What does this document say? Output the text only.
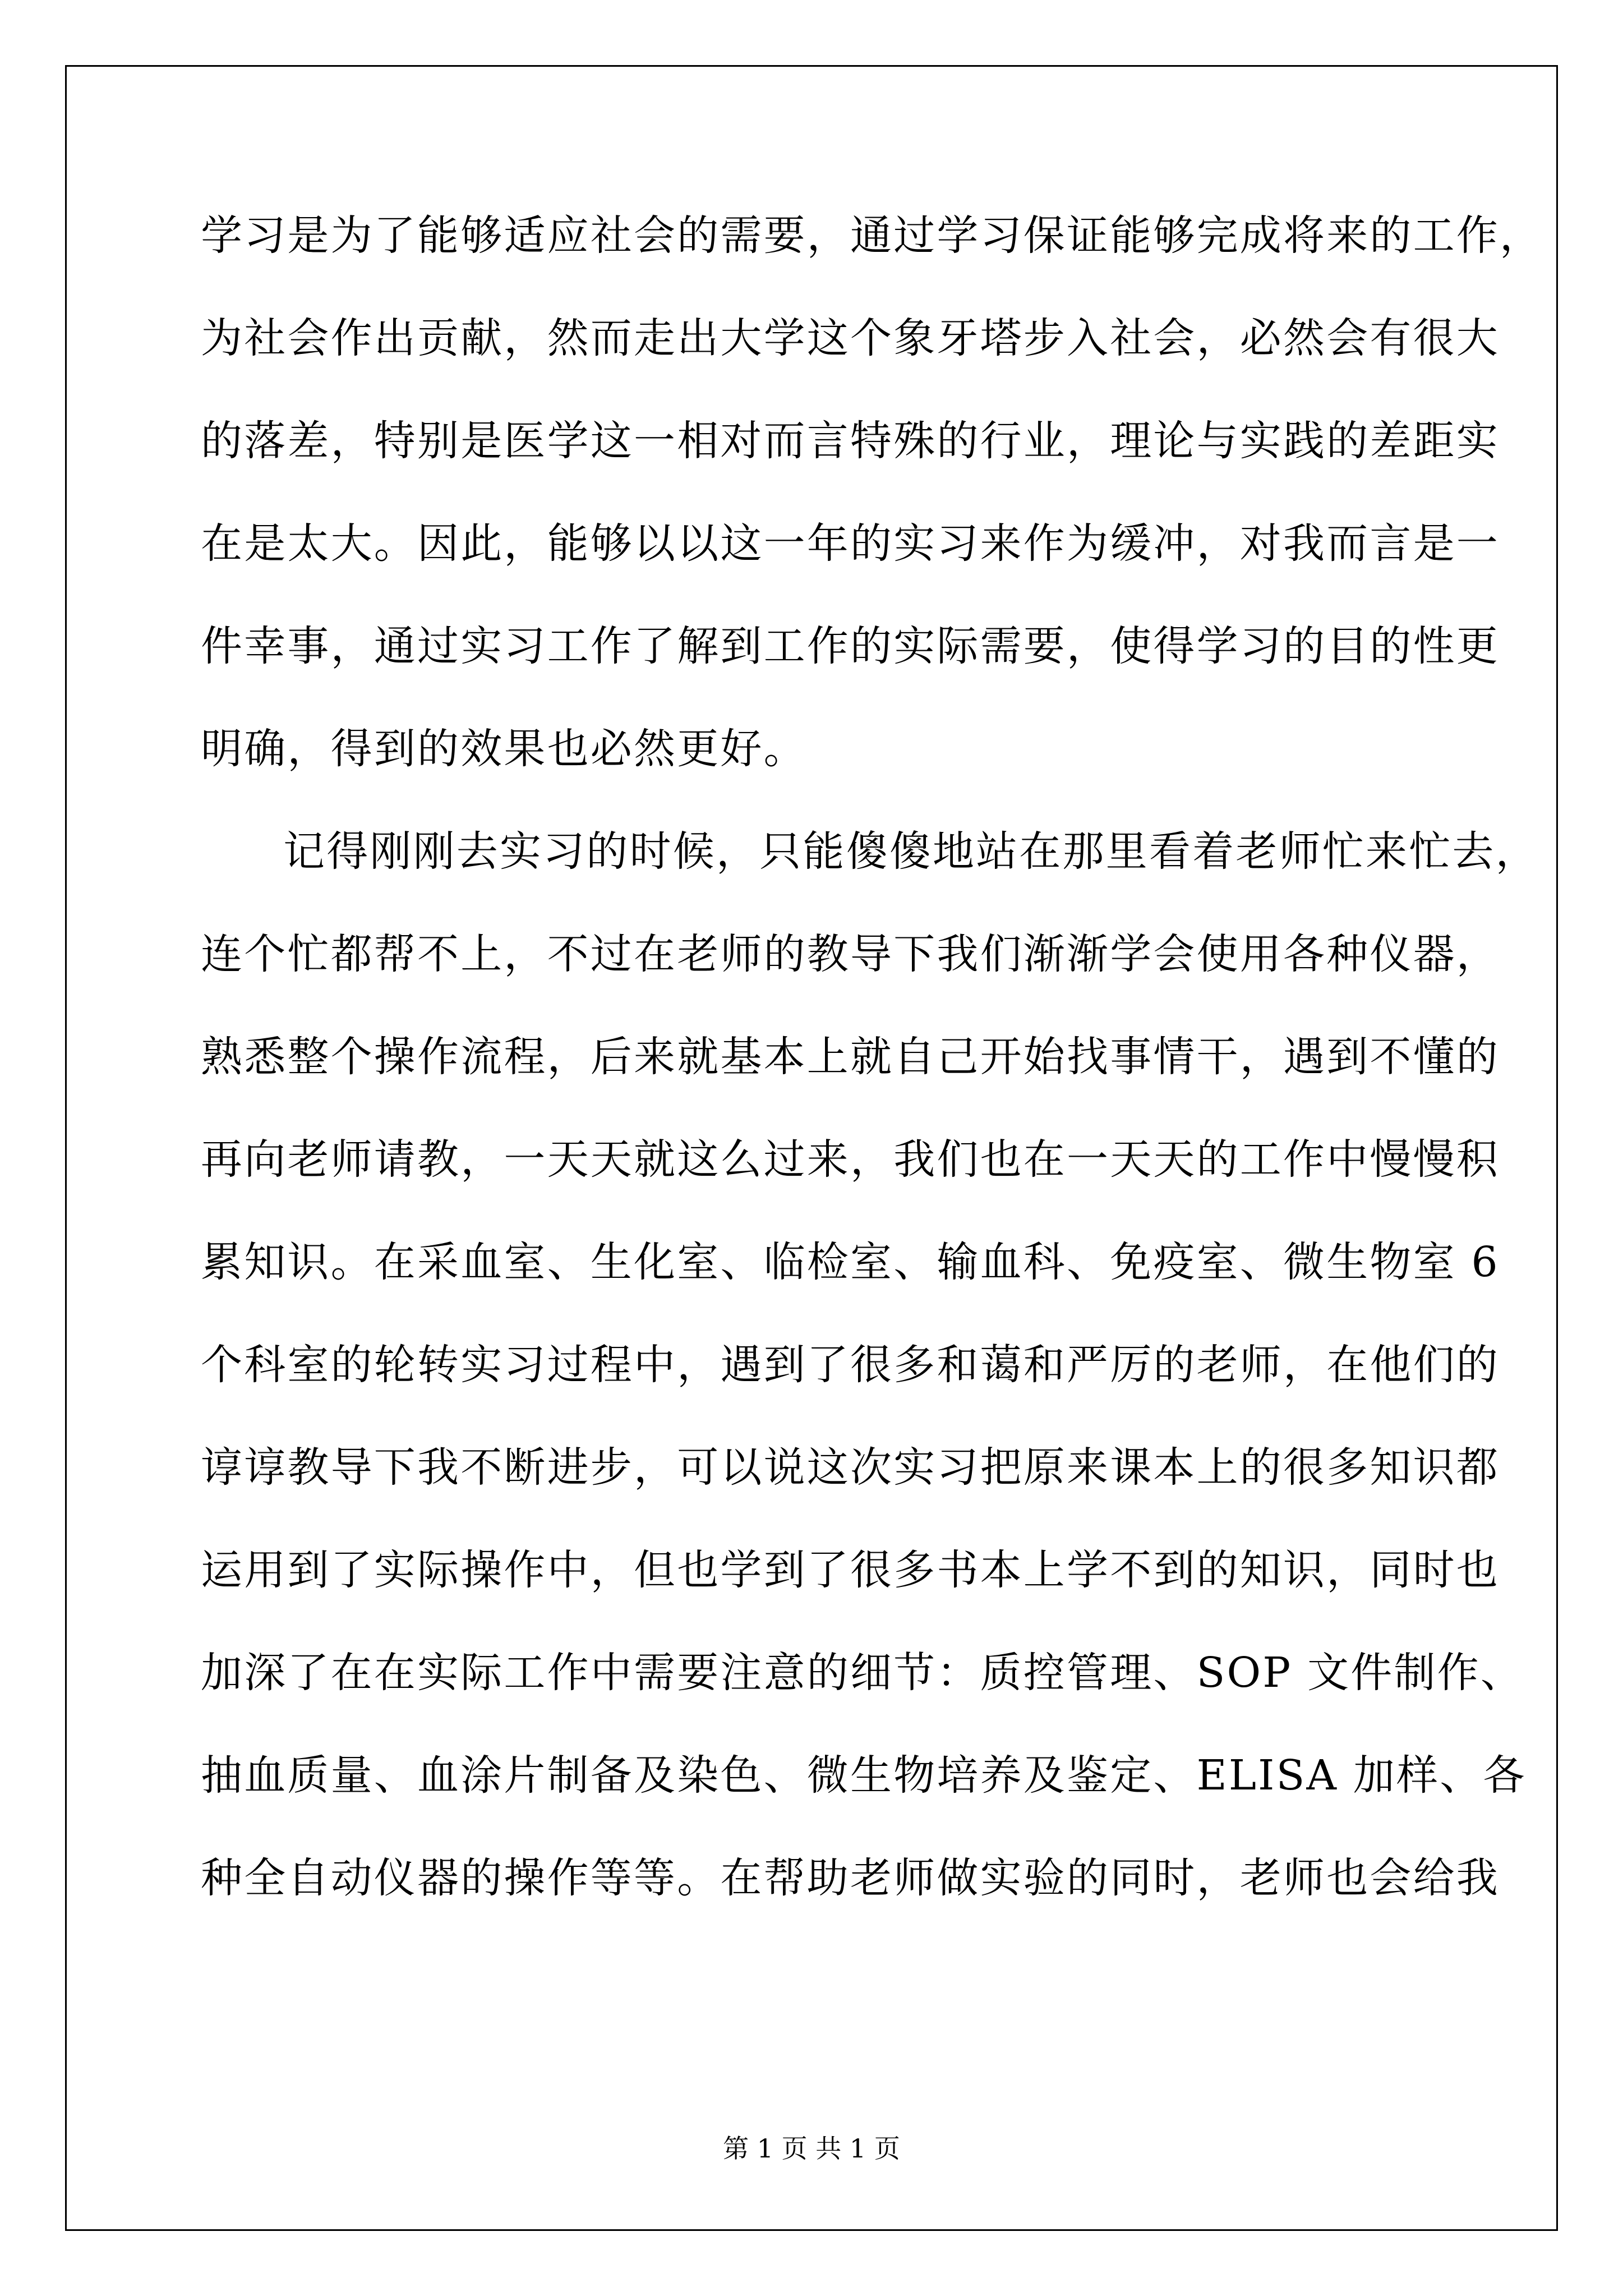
学习是为了能够适应社会的需要，通过学习保证能够完成将来的工作，
为社会作出贡献，然而走出大学这个象牙塔步入社会，必然会有很大
的落差，特别是医学这一相对而言特殊的行业，理论与实践的差距实
在是太大。因此，能够以以这一年的实习来作为缓冲，对我而言是一
件幸事，通过实习工作了解到工作的实际需要，使得学习的目的性更
明确，得到的效果也必然更好。
记得刚刚去实习的时候，只能傻傻地站在那里看着老师忙来忙去，
连个忙都帮不上，不过在老师的教导下我们渐渐学会使用各种仪器，
熟悉整个操作流程，后来就基本上就自己开始找事情干，遇到不懂的
再向老师请教，一天天就这么过来，我们也在一天天的工作中慢慢积
累知识。在采血室、生化室、临检室、输血科、免疫室、微生物室 6
个科室的轮转实习过程中，遇到了很多和蔼和严厉的老师，在他们的
谆谆教导下我不断进步，可以说这次实习把原来课本上的很多知识都
运用到了实际操作中，但也学到了很多书本上学不到的知识，同时也
加深了在在实际工作中需要注意的细节：质控管理、SOP 文件制作、
抽血质量、血涂片制备及染色、微生物培养及鉴定、ELISA 加样、各
种全自动仪器的操作等等。在帮助老师做实验的同时，老师也会给我
第 1 页 共 1 页
